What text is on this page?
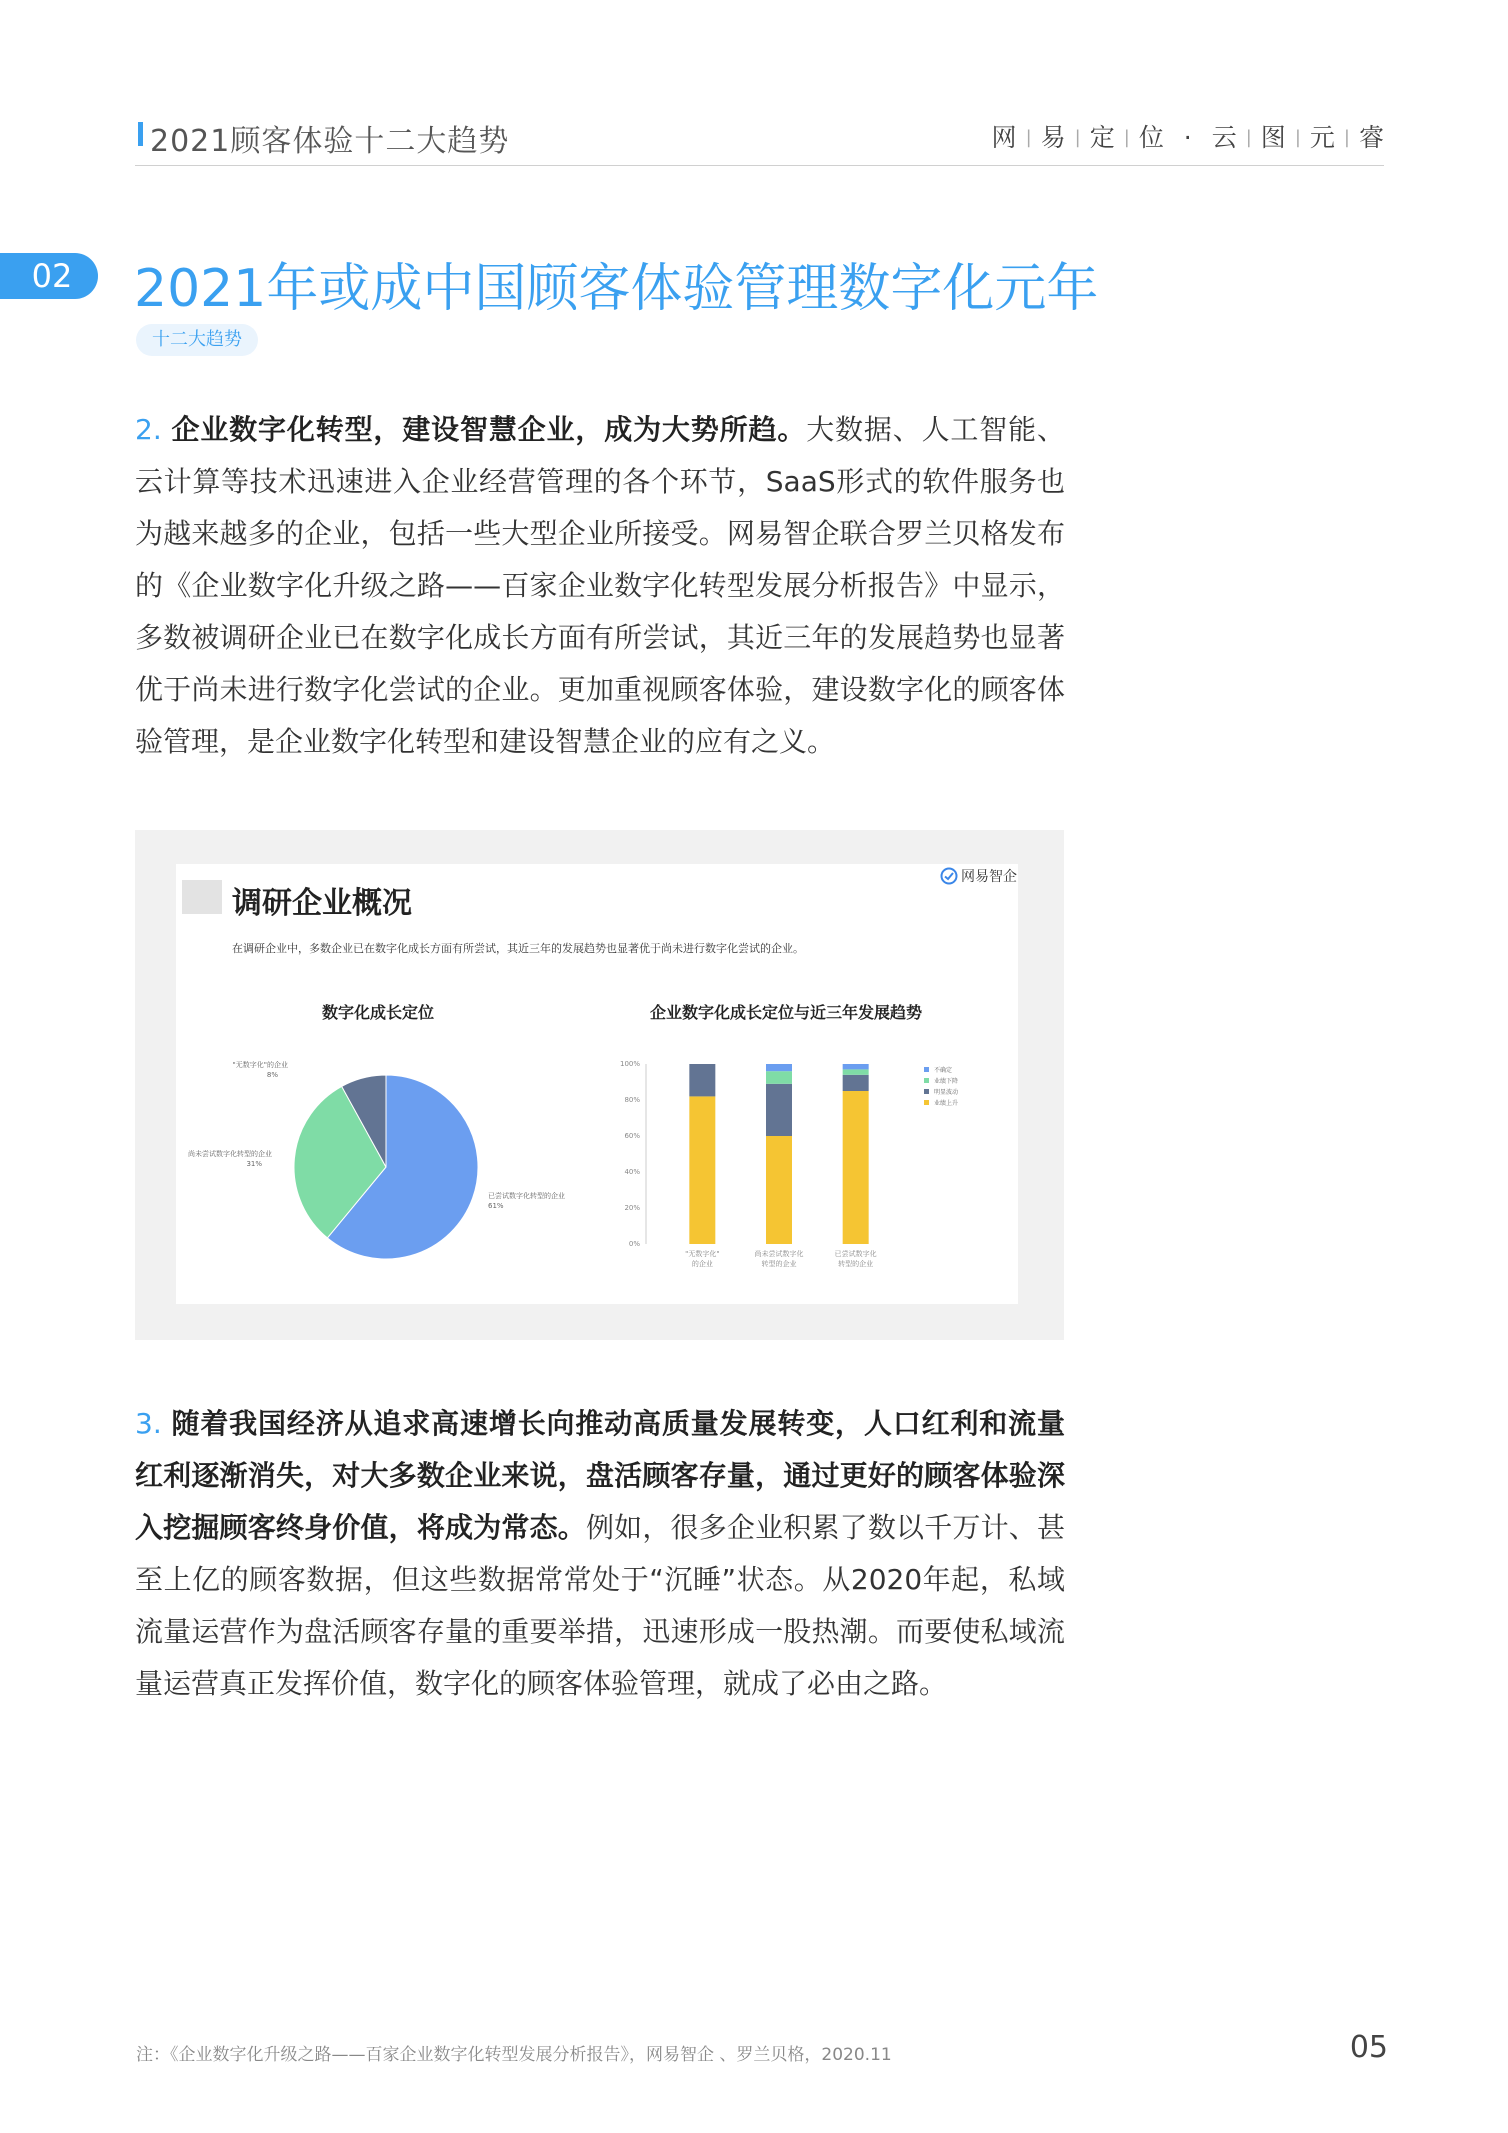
2021顾客体验十二大趋势	网 | 易 | 定 | 位 · 云 | 图 | 元 | 睿
02	2021年或成中国顾客体验管理数字化元年
十二大趋势
2. 企业数字化转型，建设智慧企业，成为大势所趋。大数据、人工智能、云计算等技术迅速进入企业经营管理的各个环节，SaaS形式的软件服务也为越来越多的企业，包括一些大型企业所接受。网易智企联合罗兰贝格发布的《企业数字化升级之路——百家企业数字化转型发展分析报告》中显示，多数被调研企业已在数字化成长方面有所尝试，其近三年的发展趋势也显著优于尚未进行数字化尝试的企业。更加重视顾客体验，建设数字化的顾客体验管理，是企业数字化转型和建设智慧企业的应有之义。
调研企业概况
网易智企
在调研企业中，多数企业已在数字化成长方面有所尝试，其近三年的发展趋势也显著优于尚未进行数字化尝试的企业。
数字化成长定位	企业数字化成长定位与近三年发展趋势
已尝试数字化转型的企业
61%
尚未尝试数字化转型的企业
31%
"无数字化"的企业
8%
0%
20%
40%
60%
80%
100%
"无数字化"
的企业
尚未尝试数字化
转型的企业
已尝试数字化
转型的企业
不确定
业绩下降
明显波动
业绩上升
3. 随着我国经济从追求高速增长向推动高质量发展转变，人口红利和流量红利逐渐消失，对大多数企业来说，盘活顾客存量，通过更好的顾客体验深入挖掘顾客终身价值，将成为常态。例如，很多企业积累了数以千万计、甚至上亿的顾客数据，但这些数据常常处于“沉睡”状态。从2020年起，私域流量运营作为盘活顾客存量的重要举措，迅速形成一股热潮。而要使私域流量运营真正发挥价值，数字化的顾客体验管理，就成了必由之路。
注：《企业数字化升级之路——百家企业数字化转型发展分析报告》，网易智企 、罗兰贝格，2020.11	05
